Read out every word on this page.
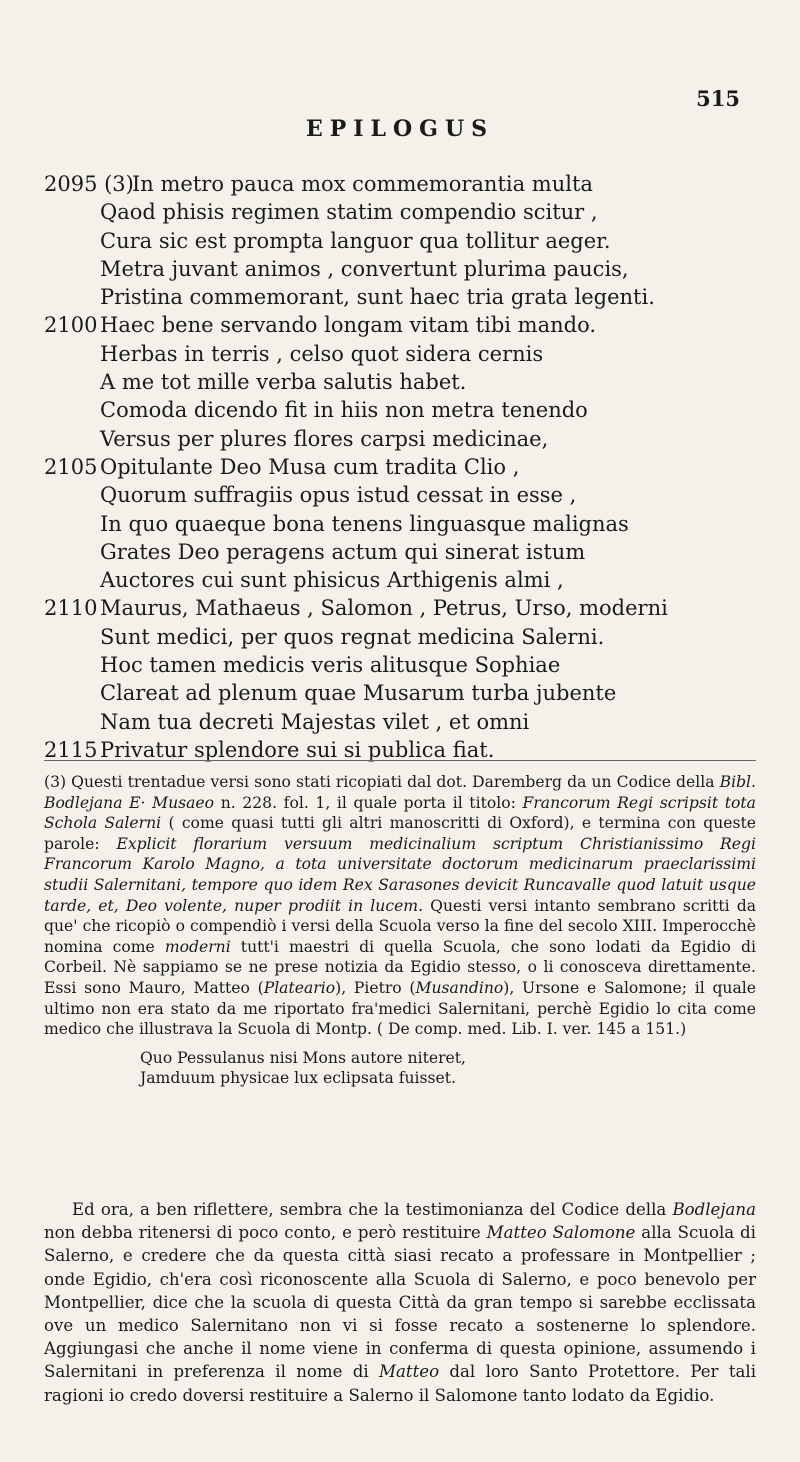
515
EPILOGUS
2095 (3)
In metro pauca mox commemorantia multa
Qaod phisis regimen statim compendio scitur ,
Cura sic est prompta languor qua tollitur aeger.
Metra juvant animos , convertunt plurima paucis,
Pristina commemorant, sunt haec tria grata legenti.
2100 Haec bene servando longam vitam tibi mando.
Herbas in terris , celso quot sidera cernis
A me tot mille verba salutis habet.
Comoda dicendo fit in hiis non metra tenendo
Versus per plures flores carpsi medicinae,
2105 Opitulante Deo Musa cum tradita Clio ,
Quorum suffragiis opus istud cessat in esse ,
In quo quaeque bona tenens linguasque malignas
Grates Deo peragens actum qui sinerat istum
Auctores cui sunt phisicus Arthigenis almi ,
2110 Maurus, Mathaeus , Salomon , Petrus, Urso, moderni
Sunt medici, per quos regnat medicina Salerni.
Hoc tamen medicis veris alitusque Sophiae
Clareat ad plenum quae Musarum turba jubente
Nam tua decreti Majestas vilet , et omni
2115 Privatur splendore sui si publica fiat.

(3) Questi trentadue versi sono stati ricopiati dal dot. Daremberg da un Codice della Bibl. Bodlejana E· Musaeo n. 228. fol. 1, il quale porta il titolo: Francorum Regi scripsit tota Schola Salerni ( come quasi tutti gli altri manoscritti di Oxford), e termina con queste parole: Explicit florarium versuum medicinalium scriptum Christianissimo Regi Francorum Karolo Magno, a tota universitate doctorum medicinarum praeclarissimi studii Salernitani, tempore quo idem Rex Sarasones devicit Runcavalle quod latuit usque tarde, et, Deo volente, nuper prodiit in lucem. Questi versi intanto sembrano scritti da que' che ricopiò o compendiò i versi della Scuola verso la fine del secolo XIII. Imperocchè nomina come moderni tutt'i maestri di quella Scuola, che sono lodati da Egidio di Corbeil. Nè sappiamo se ne prese notizia da Egidio stesso, o li conosceva direttamente. Essi sono Mauro, Matteo (Plateario), Pietro (Musandino), Ursone e Salomone; il quale ultimo non era stato da me riportato fra'medici Salernitani, perchè Egidio lo cita come medico che illustrava la Scuola di Montp. ( De comp. med. Lib. I. ver. 145 a 151.)

Quo Pessulanus nisi Mons autore niteret,

Jamduum physicae lux eclipsata fuisset.

Ed ora, a ben riflettere, sembra che la testimonianza del Codice della Bodlejana non debba ritenersi di poco conto, e però restituire Matteo Salomone alla Scuola di Salerno, e credere che da questa città siasi recato a professare in Montpellier ; onde Egidio, ch'era così riconoscente alla Scuola di Salerno, e poco benevolo per Montpellier, dice che la scuola di questa Città da gran tempo si sarebbe ecclissata ove un medico Salernitano non vi si fosse recato a sostenerne lo splendore. Aggiungasi che anche il nome viene in conferma di questa opinione, assumendo i Salernitani in preferenza il nome di Matteo dal loro Santo Protettore. Per tali ragioni io credo doversi restituire a Salerno il Salomone tanto lodato da Egidio.
